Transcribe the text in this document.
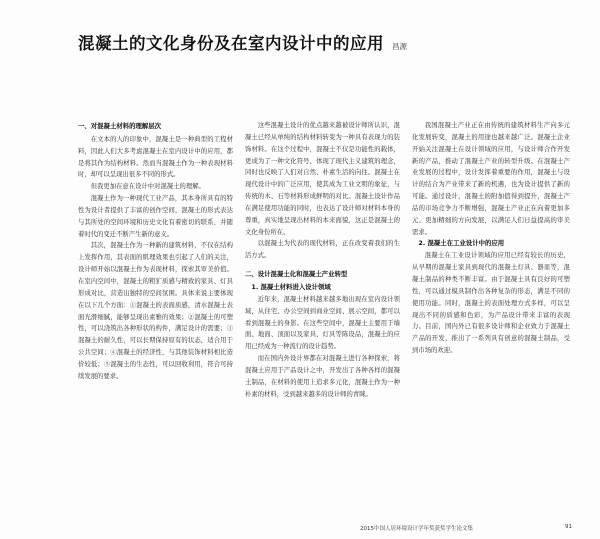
混凝土的文化身份及在室内设计中的应用 昌源

一、对混凝土材料的理解层次

在文本的人的印象中，混凝土是一种典型的工程材料，因此人们大多考虑混凝土在室内设计中的应用，都是将其作为结构材料。然而当混凝土作为一种表现材料时，却可以呈现出很多不同的形式。

但我更加在意在设计中对混凝土的理解。

混凝土作为一种现代工业产品，其本身所具有的特性为设计者提供了丰富的创作空间，混凝土的形式表达与其所处的空间环境和历史文化有着密切的联系，并随着时代的变迁不断产生新的意义。

其次，混凝土作为一种新的建筑材料，不仅在结构上发挥作用，其表面的肌理效果也引起了人们的关注，设计师开始以混凝土作为表现材料，探索其审美价值。在室内空间中，混凝土的粗犷质感与精致的家具、灯具形成对比，营造出独特的空间氛围。具体来说主要体现在以下几个方面：①混凝土的表面质感，清水混凝土表面光滑细腻，能够呈现出素雅的效果；②混凝土的可塑性，可以浇筑出各种形状的构件，满足设计的需要；③混凝土的耐久性，可以长期保持原有的状态，适合用于公共空间；④混凝土的经济性，与其他装饰材料相比造价较低；⑤混凝土的生态性，可以回收利用，符合可持续发展的要求。

这些混凝土设计的优点越来越被设计师所认识，混凝土已经从单纯的结构材料转变为一种具有表现力的装饰材料。在这个过程中，混凝土不仅是功能性的载体，更成为了一种文化符号，体现了现代主义建筑的理念，同时也反映了人们对自然、朴素生活的向往。混凝土在现代设计中的广泛应用，使其成为工业文明的象征，与传统的木、石等材料形成鲜明的对比。混凝土设计作品在满足使用功能的同时，也表达了设计师对材料本身的尊重，真实地呈现出材料的本来面貌，这正是混凝土的文化身份所在。

以混凝土为代表的现代材料，正在改变着我们的生活方式。

二、设计混凝土化和混凝土产业转型

1. 混凝土材料进入设计领域

近年来，混凝土材料越来越多地出现在室内设计领域，从住宅、办公空间到商业空间、展示空间，都可以看到混凝土的身影。在这些空间中，混凝土主要用于墙面、地面、顶面以及家具、灯具等陈设品，混凝土的应用已经成为一种流行的设计趋势。

而在国内外设计界都在对混凝土进行各种探索，将混凝土应用于产品设计之中，开发出了各种各样的混凝土制品，在材料的使用上追求多元化，混凝土作为一种朴素的材料，受到越来越多的设计师的青睐。

我国混凝土产业正在由传统的建筑材料生产向多元化发展转变，混凝土的用途也越来越广泛。混凝土企业开始关注混凝土在设计领域的应用，与设计师合作开发新的产品，推动了混凝土产业的转型升级。在混凝土产业发展的过程中，设计发挥着重要的作用，混凝土与设计的结合为产业带来了新的机遇，也为设计提供了新的可能。通过设计，混凝土的附加值得到提升，混凝土产品的市场竞争力不断增强，混凝土产业正在向着更加多元、更加精细的方向发展，以满足人们日益提高的审美需求。

2. 混凝土在工业设计中的应用

混凝土在工业设计领域的应用已经有较长的历史，从早期的混凝土家具到现代的混凝土灯具、器皿等，混凝土制品的种类不断丰富。由于混凝土具有良好的可塑性，可以通过模具制作出各种复杂的形态，满足不同的使用功能。同时，混凝土的表面处理方式多样，可以呈现出不同的质感和色彩，为产品设计带来丰富的表现力。目前，国内外已有很多设计师和企业致力于混凝土产品的开发，推出了一系列具有创意的混凝土制品，受到市场的欢迎。

2015中国人居环境设计学年奖获奖学生论文集	91
